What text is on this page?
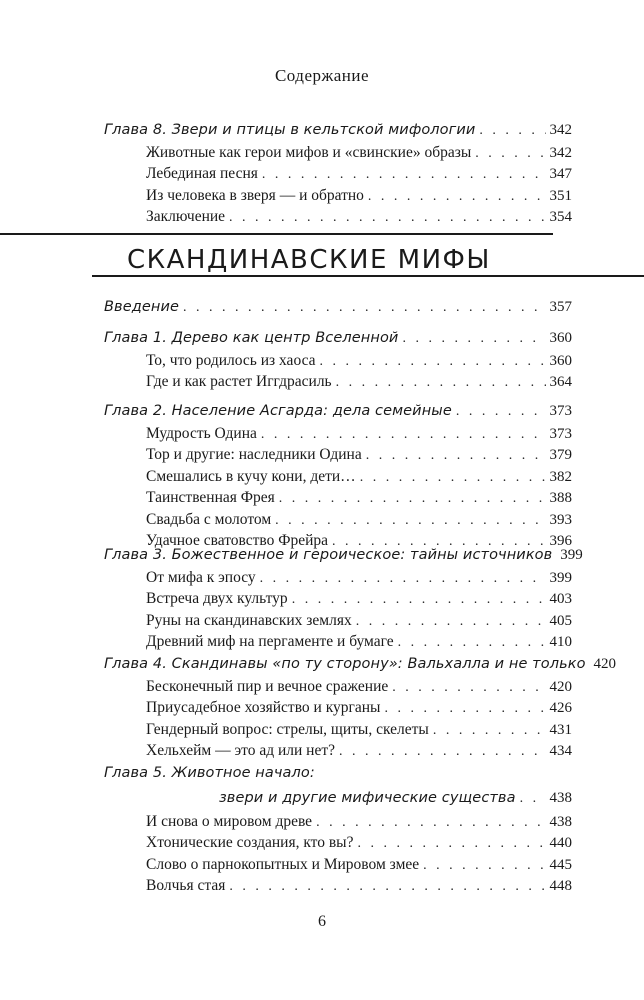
Содержание
Глава 8. Звери и птицы в кельтской мифологии . . .	342
Животные как герои мифов и «свинские» образы . . .	342
Лебединая песня . . .	347
Из человека в зверя — и обратно . . .	351
Заключение . . .	354
СКАНДИНАВСКИЕ МИФЫ
Введение . . .	357
Глава 1. Дерево как центр Вселенной . . .	360
То, что родилось из хаоса . . .	360
Где и как растет Иггдрасиль . . .	364
Глава 2. Население Асгарда: дела семейные . . .	373
Мудрость Одина . . .	373
Тор и другие: наследники Одина . . .	379
Смешались в кучу кони, дети… . . .	382
Таинственная Фрея . . .	388
Свадьба с молотом . . .	393
Удачное сватовство Фрейра . . .	396
Глава 3. Божественное и героическое: тайны источников 399
От мифа к эпосу . . .	399
Встреча двух культур . . .	403
Руны на скандинавских землях . . .	405
Древний миф на пергаменте и бумаге . . .	410
Глава 4. Скандинавы «по ту сторону»: Вальхалла и не только 420
Бесконечный пир и вечное сражение . . .	420
Приусадебное хозяйство и курганы . . .	426
Гендерный вопрос: стрелы, щиты, скелеты . . .	431
Хельхейм — это ад или нет? . . .	434
Глава 5. Животное начало:
звери и другие мифические существа . . . 438
И снова о мировом древе . . .	438
Хтонические создания, кто вы? . . .	440
Слово о парнокопытных и Мировом змее . . .	445
Волчья стая . . .	448
6
